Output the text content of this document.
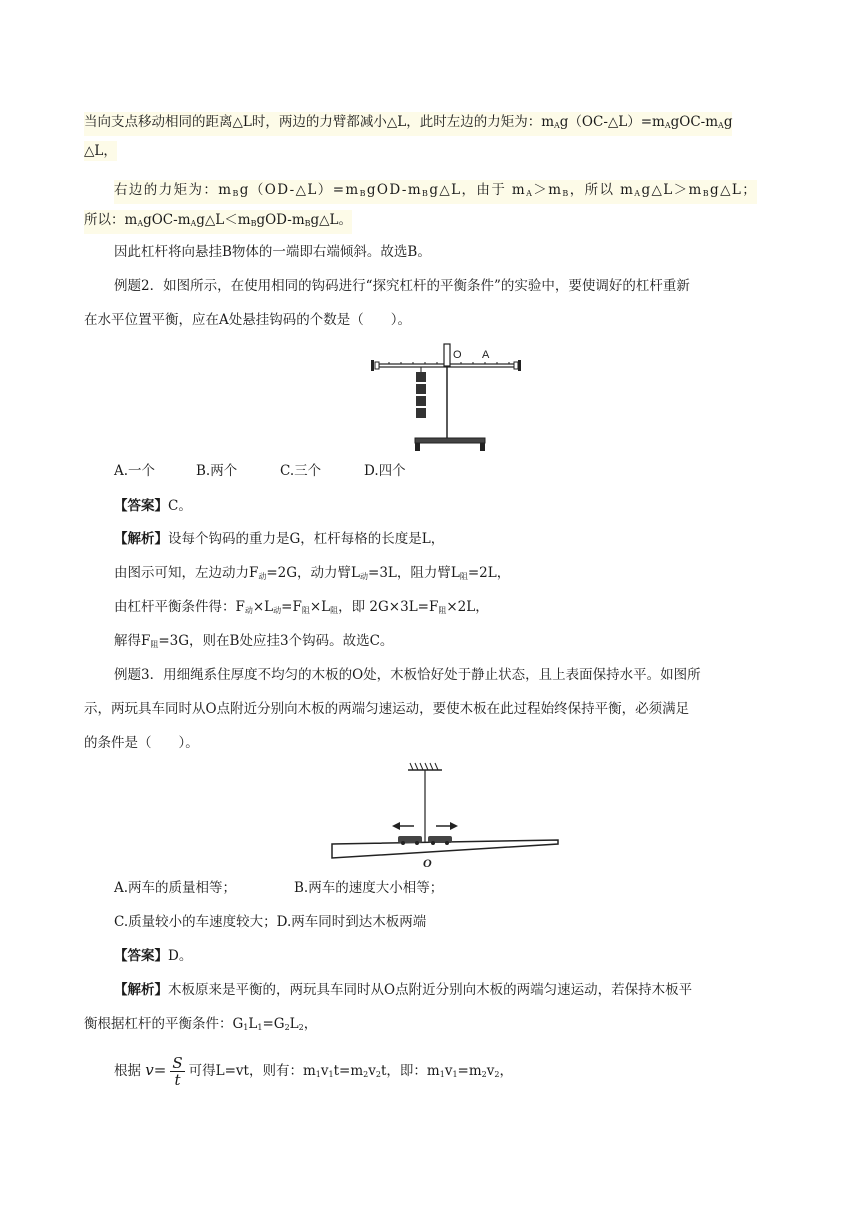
当向支点移动相同的距离△L时，两边的力臂都减小△L，此时左边的力矩为：$m_Ag(OC-\triangle L)=m_AgOC-m_Ag$
△L，
右边的力矩为：$m_Bg(OD-\triangle L)=m_BgOD-m_Bg\triangle L$，由于 $m_A>m_B$，所以 $m_Ag\triangle L>m_Bg\triangle L$；
所以：$m_AgOC-m_Ag\triangle L<m_BgOD-m_Bg\triangle L$。
因此杠杆将向悬挂B物体的一端即右端倾斜。故选B。
例题2．如图所示，在使用相同的钩码进行“探究杠杆的平衡条件”的实验中，要使调好的杠杆重新
在水平位置平衡，应在A处悬挂钩码的个数是（　　）。
O A
A.一个	B.两个	C.三个	D.四个
【答案】C。
【解析】设每个钩码的重力是G，杠杆每格的长度是L，
由图示可知，左边动力$F_动=2G$，动力臂$L_动=3L$，阻力臂$L_阻=2L$，
由杠杆平衡条件得：$F_动\times L_动=F_阻\times L_阻$，即 $2G\times 3L=F_阻\times 2L$，
解得$F_阻=3G$，则在B处应挂3个钩码。故选C。
例题3．用细绳系住厚度不均匀的木板的O处，木板恰好处于静止状态，且上表面保持水平。如图所
示，两玩具车同时从O点附近分别向木板的两端匀速运动，要使木板在此过程始终保持平衡，必须满足
的条件是（　　）。
O
A.两车的质量相等；	B.两车的速度大小相等；
C.质量较小的车速度较大；D.两车同时到达木板两端
【答案】D。
【解析】木板原来是平衡的，两玩具车同时从O点附近分别向木板的两端匀速运动，若保持木板平
衡根据杠杆的平衡条件：$G_1L_1=G_2L_2$，
根据 $v= \frac{S}{t}$ 可得L=vt，则有：$m_1v_1t=m_2v_2t$，即：$m_1v_1=m_2v_2$，
